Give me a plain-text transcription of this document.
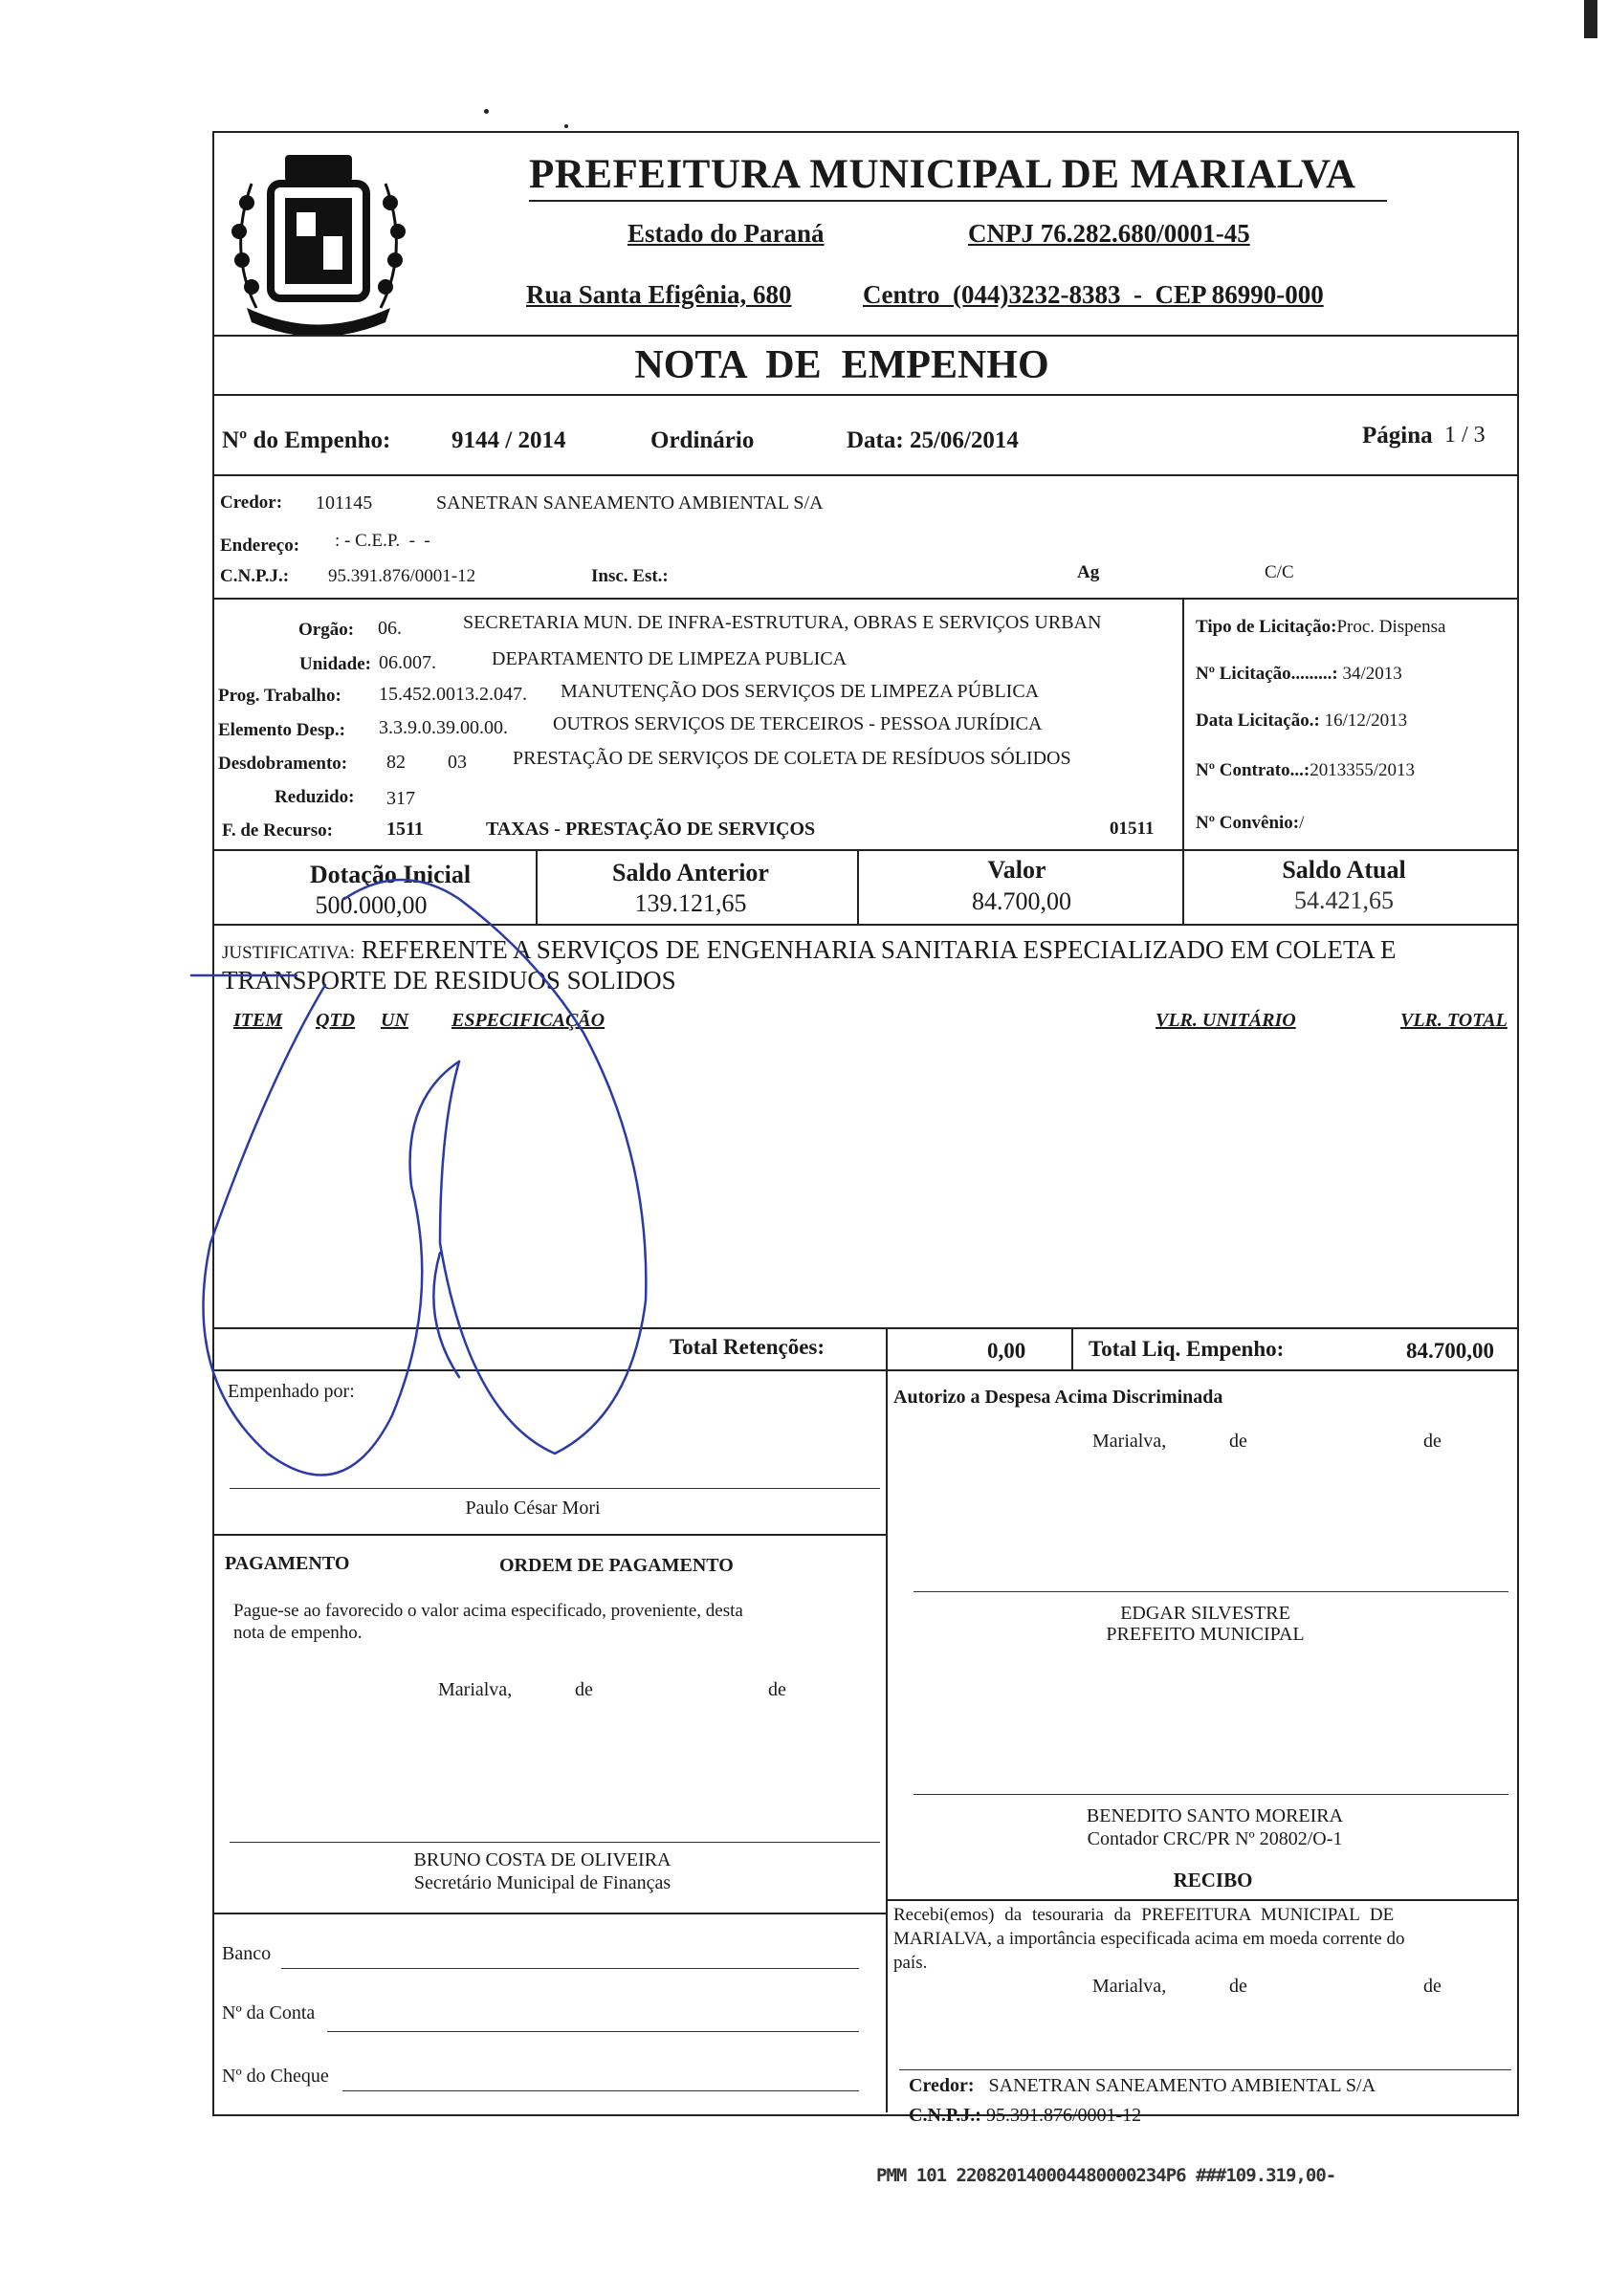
PREFEITURA MUNICIPAL DE MARIALVA
Estado do Paraná	CNPJ 76.282.680/0001-45
Rua Santa Efigênia, 680	Centro  (044)3232-8383  -  CEP 86990-000
NOTA  DE  EMPENHO
Nº do Empenho:	9144 / 2014	Ordinário	Data: 25/06/2014	Página 1 / 3
Credor: 101145	SANETRAN SANEAMENTO AMBIENTAL S/A
Endereço: : - C.E.P.  -  -
C.N.P.J.: 95.391.876/0001-12	Insc. Est.:	Ag	C/C
Orgão: 06.	SECRETARIA MUN. DE INFRA-ESTRUTURA, OBRAS E SERVIÇOS URBAN
Unidade: 06.007.	DEPARTAMENTO DE LIMPEZA PUBLICA
Prog. Trabalho: 15.452.0013.2.047. MANUTENÇÃO DOS SERVIÇOS DE LIMPEZA PÚBLICA
Elemento Desp.: 3.3.9.0.39.00.00. OUTROS SERVIÇOS DE TERCEIROS - PESSOA JURÍDICA
Desdobramento: 82 03 PRESTAÇÃO DE SERVIÇOS DE COLETA DE RESÍDUOS SÓLIDOS
Reduzido: 317
F. de Recurso:	1511	TAXAS - PRESTAÇÃO DE SERVIÇOS	01511
Tipo de Licitação:Proc. Dispensa
Nº Licitação.........: 34/2013
Data Licitação.: 16/12/2013
Nº Contrato...:2013355/2013
Nº Convênio:/
Dotação Inicial
500.000,00
Saldo Anterior
139.121,65
Valor
84.700,00
Saldo Atual
54.421,65
JUSTIFICATIVA: REFERENTE A SERVIÇOS DE ENGENHARIA SANITARIA ESPECIALIZADO EM COLETA E
TRANSPORTE DE RESIDUOS SOLIDOS
ITEM QTD UN ESPECIFICAÇÃO	VLR. UNITÁRIO	VLR. TOTAL
Total Retenções:	0,00	Total Liq. Empenho:	84.700,00
Empenhado por:
Paulo César Mori
Autorizo a Despesa Acima Discriminada
Marialva,	de	de
EDGAR SILVESTRE
PREFEITO MUNICIPAL
PAGAMENTO	ORDEM DE PAGAMENTO
Pague-se ao favorecido o valor acima especificado, proveniente, desta
nota de empenho.
Marialva,	de	de
BRUNO COSTA DE OLIVEIRA
Secretário Municipal de Finanças
BENEDITO SANTO MOREIRA
Contador CRC/PR Nº 20802/O-1
RECIBO
Recebi(emos) da tesouraria da PREFEITURA MUNICIPAL DE
MARIALVA, a importância especificada acima em moeda corrente do
país.
Marialva,	de	de
Credor: SANETRAN SANEAMENTO AMBIENTAL S/A
C.N.P.J.: 95.391.876/0001-12
Banco
Nº da Conta
Nº do Cheque
PMM 101 220820140004480000234P6 ###109.319,00-
